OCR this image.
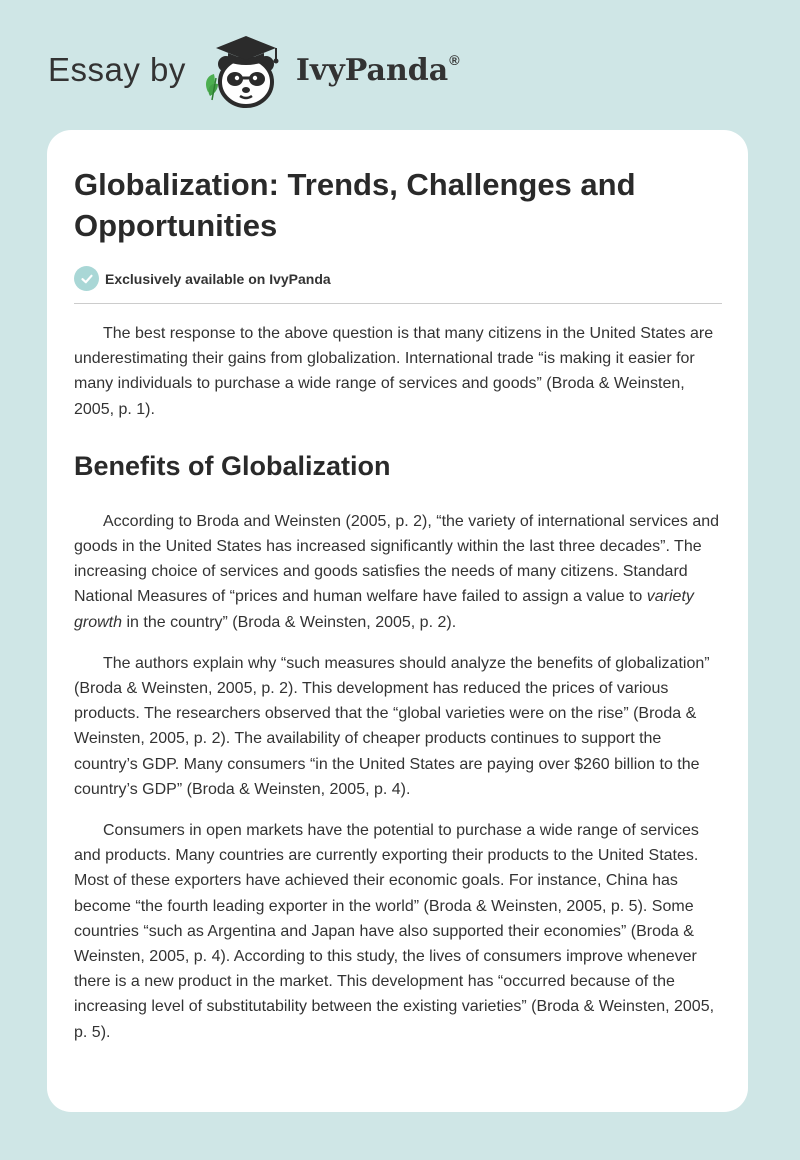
Essay by	IvyPanda ®
Globalization: Trends, Challenges and Opportunities
Exclusively available on IvyPanda

The best response to the above question is that many citizens in the United States are underestimating their gains from globalization. International trade “is making it easier for many individuals to purchase a wide range of services and goods” (Broda & Weinsten, 2005, p. 1).

Benefits of Globalization

According to Broda and Weinsten (2005, p. 2), “the variety of international services and goods in the United States has increased significantly within the last three decades”. The increasing choice of services and goods satisfies the needs of many citizens. Standard National Measures of “prices and human welfare have failed to assign a value to variety growth in the country” (Broda & Weinsten, 2005, p. 2).

The authors explain why “such measures should analyze the benefits of globalization” (Broda & Weinsten, 2005, p. 2). This development has reduced the prices of various products. The researchers observed that the “global varieties were on the rise” (Broda & Weinsten, 2005, p. 2). The availability of cheaper products continues to support the country’s GDP. Many consumers “in the United States are paying over $260 billion to the country’s GDP” (Broda & Weinsten, 2005, p. 4).

Consumers in open markets have the potential to purchase a wide range of services and products. Many countries are currently exporting their products to the United States. Most of these exporters have achieved their economic goals. For instance, China has become “the fourth leading exporter in the world” (Broda & Weinsten, 2005, p. 5). Some countries “such as Argentina and Japan have also supported their economies” (Broda & Weinsten, 2005, p. 4). According to this study, the lives of consumers improve whenever there is a new product in the market. This development has “occurred because of the increasing level of substitutability between the existing varieties” (Broda & Weinsten, 2005, p. 5).
